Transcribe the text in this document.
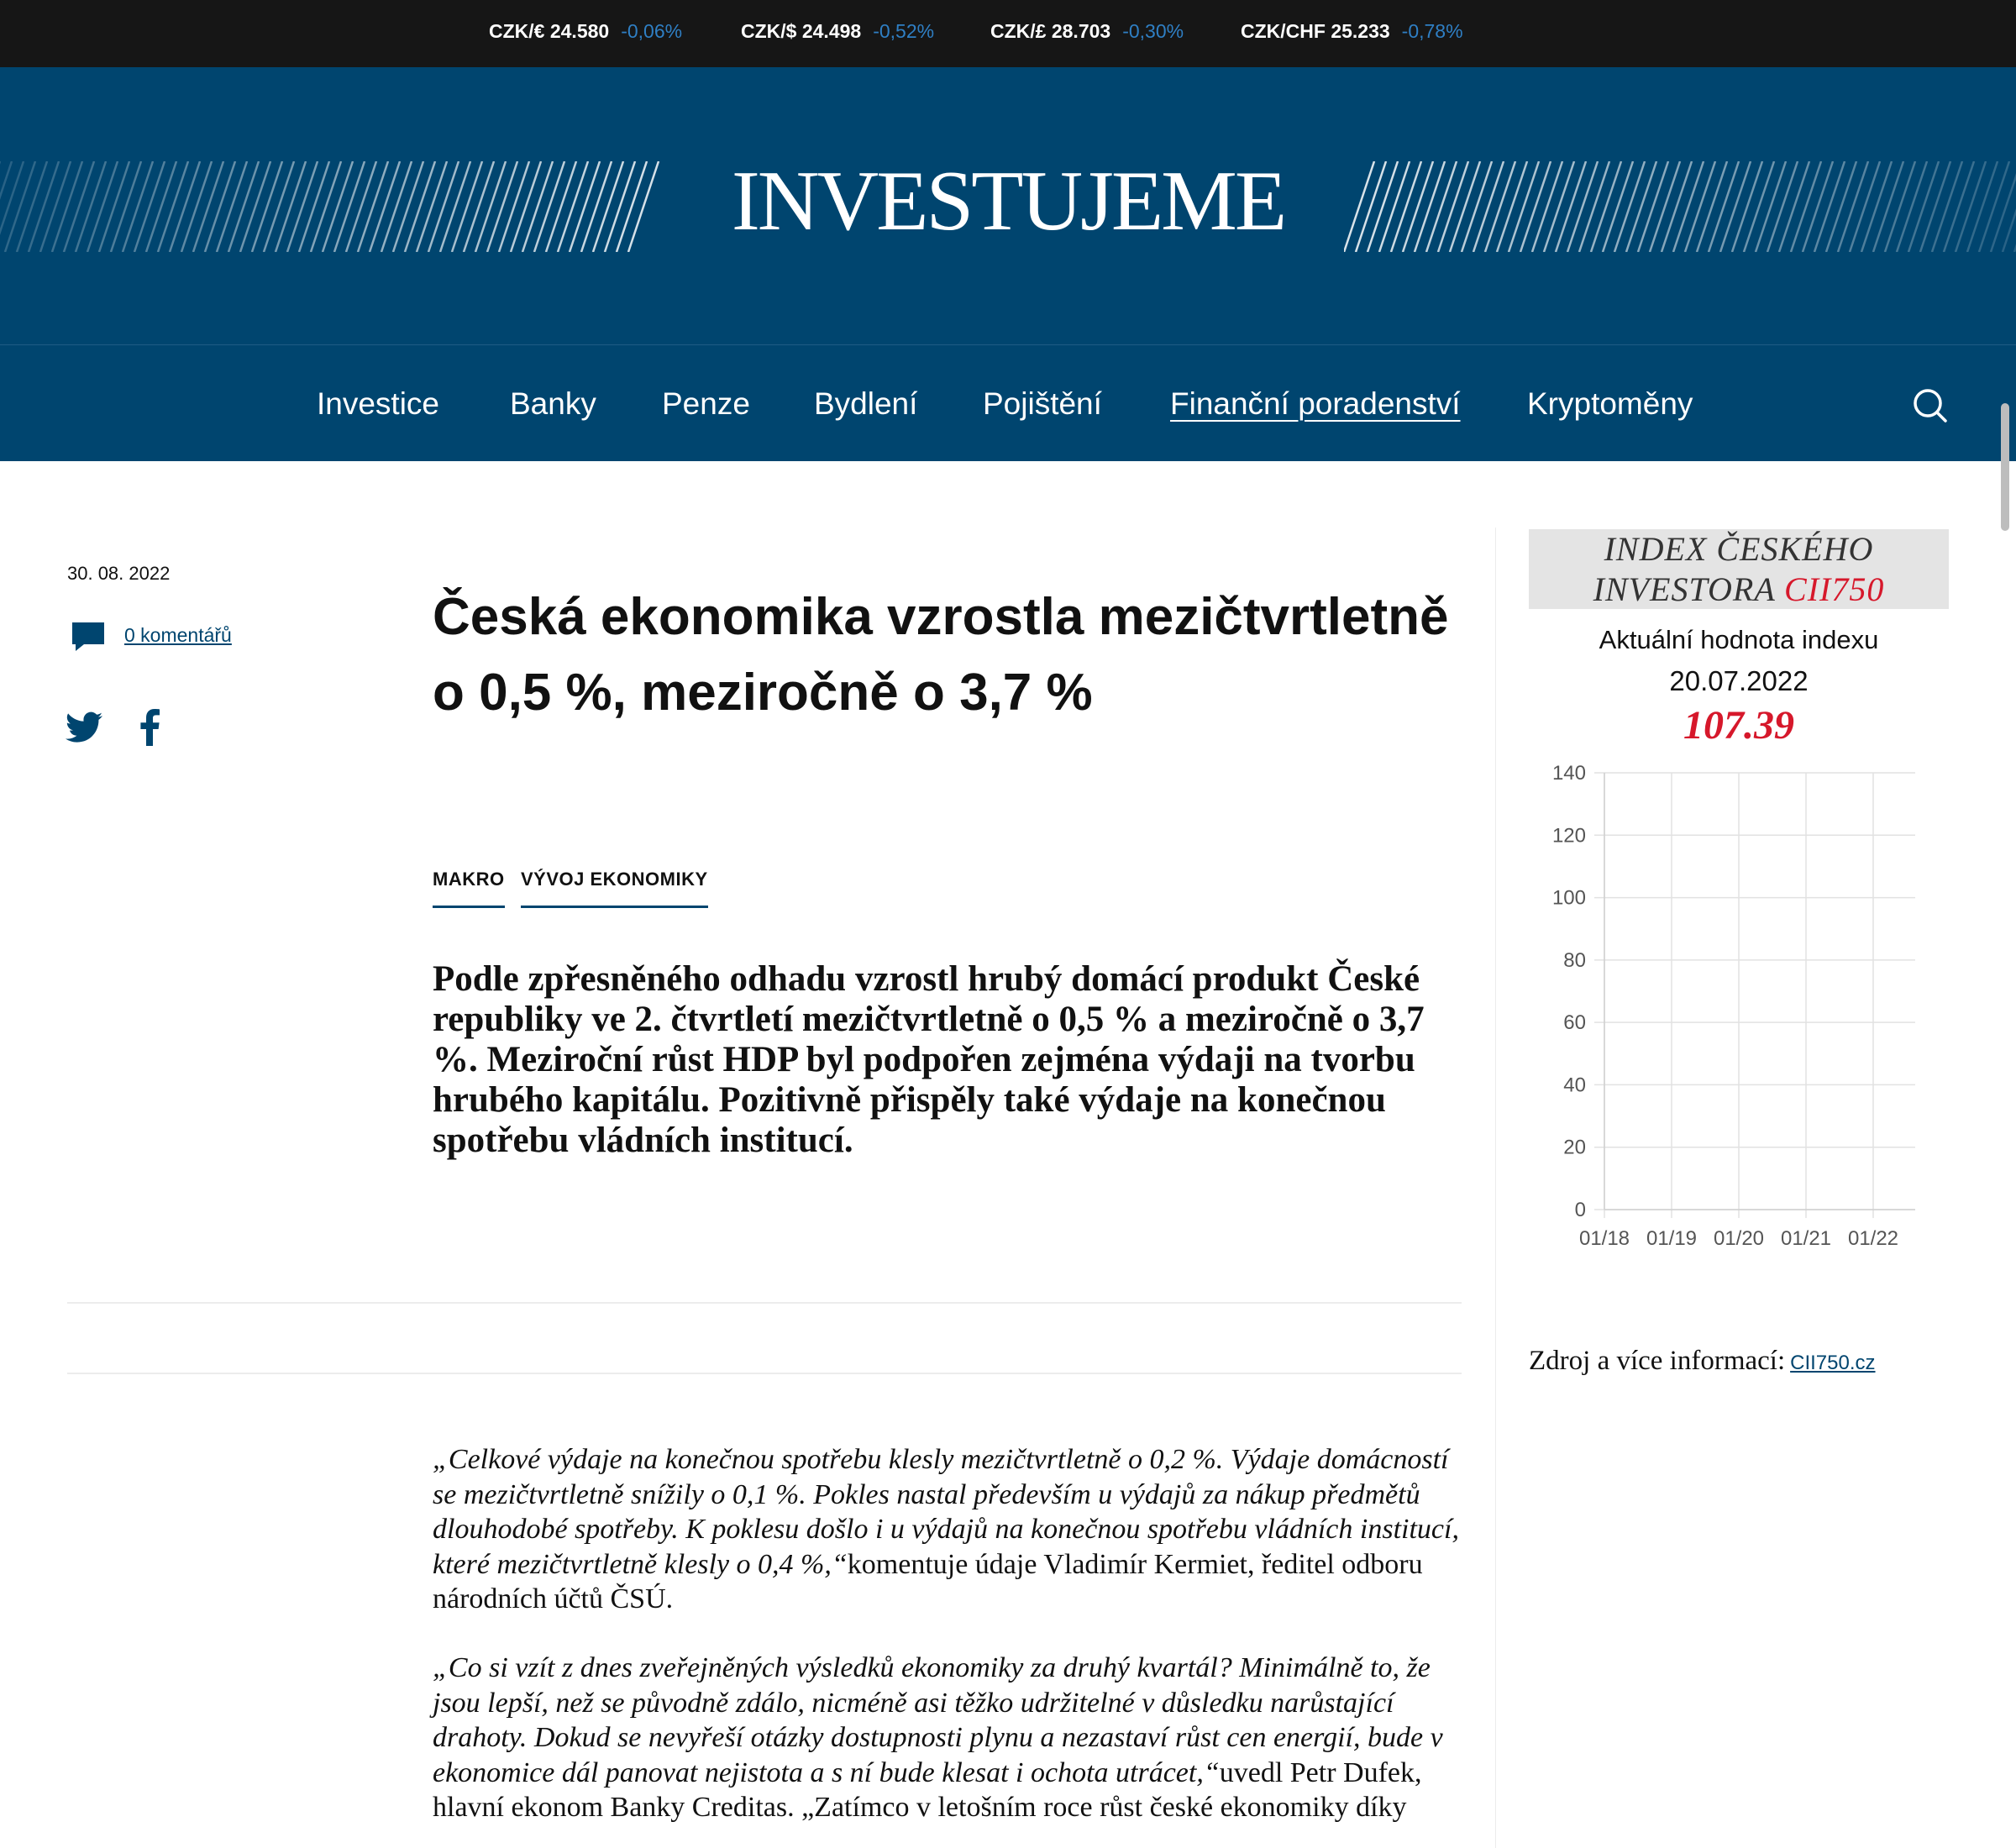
CZK/€ 24.580 -0,06%	CZK/$ 24.498 -0,52%	CZK/£ 28.703 -0,30%	CZK/CHF 25.233 -0,78%
INVESTUJEME
Investice Banky Penze Bydlení Pojištění Finanční poradenství Kryptoměny
30. 08. 2022
0 komentářů	Česká ekonomika vzrostla mezičtvrtletně o 0,5 %, meziročně o 3,7 %
MAKRO VÝVOJ EKONOMIKY

Podle zpřesněného odhadu vzrostl hrubý domácí produkt České republiky ve 2. čtvrtletí mezičtvrtletně o 0,5 % a meziročně o 3,7 %. Meziroční růst HDP byl podpořen zejména výdaji na tvorbu hrubého kapitálu. Pozitivně přispěly také výdaje na konečnou spotřebu vládních institucí.

„Celkové výdaje na konečnou spotřebu klesly mezičtvrtletně o 0,2 %. Výdaje domácností se mezičtvrtletně snížily o 0,1 %. Pokles nastal především u výdajů za nákup předmětů dlouhodobé spotřeby. K poklesu došlo i u výdajů na konečnou spotřebu vládních institucí, které mezičtvrtletně klesly o 0,4 %,“komentuje údaje Vladimír Kermiet, ředitel odboru národních účtů ČSÚ.

„Co si vzít z dnes zveřejněných výsledků ekonomiky za druhý kvartál? Minimálně to, že jsou lepší, než se původně zdálo, nicméně asi těžko udržitelné v důsledku narůstající drahoty. Dokud se nevyřeší otázky dostupnosti plynu a nezastaví růst cen energií, bude v ekonomice dál panovat nejistota a s ní bude klesat i ochota utrácet,“uvedl Petr Dufek, hlavní ekonom Banky Creditas. „Zatímco v letošním roce růst české ekonomiky díky

INDEX ČESKÉHO
INVESTORA CII750
Aktuální hodnota indexu
20.07.2022
107.39
0
20
40
60
80
100
120
140
01/18 01/19 01/20 01/21 01/22
Zdroj a více informací: CII750.cz
